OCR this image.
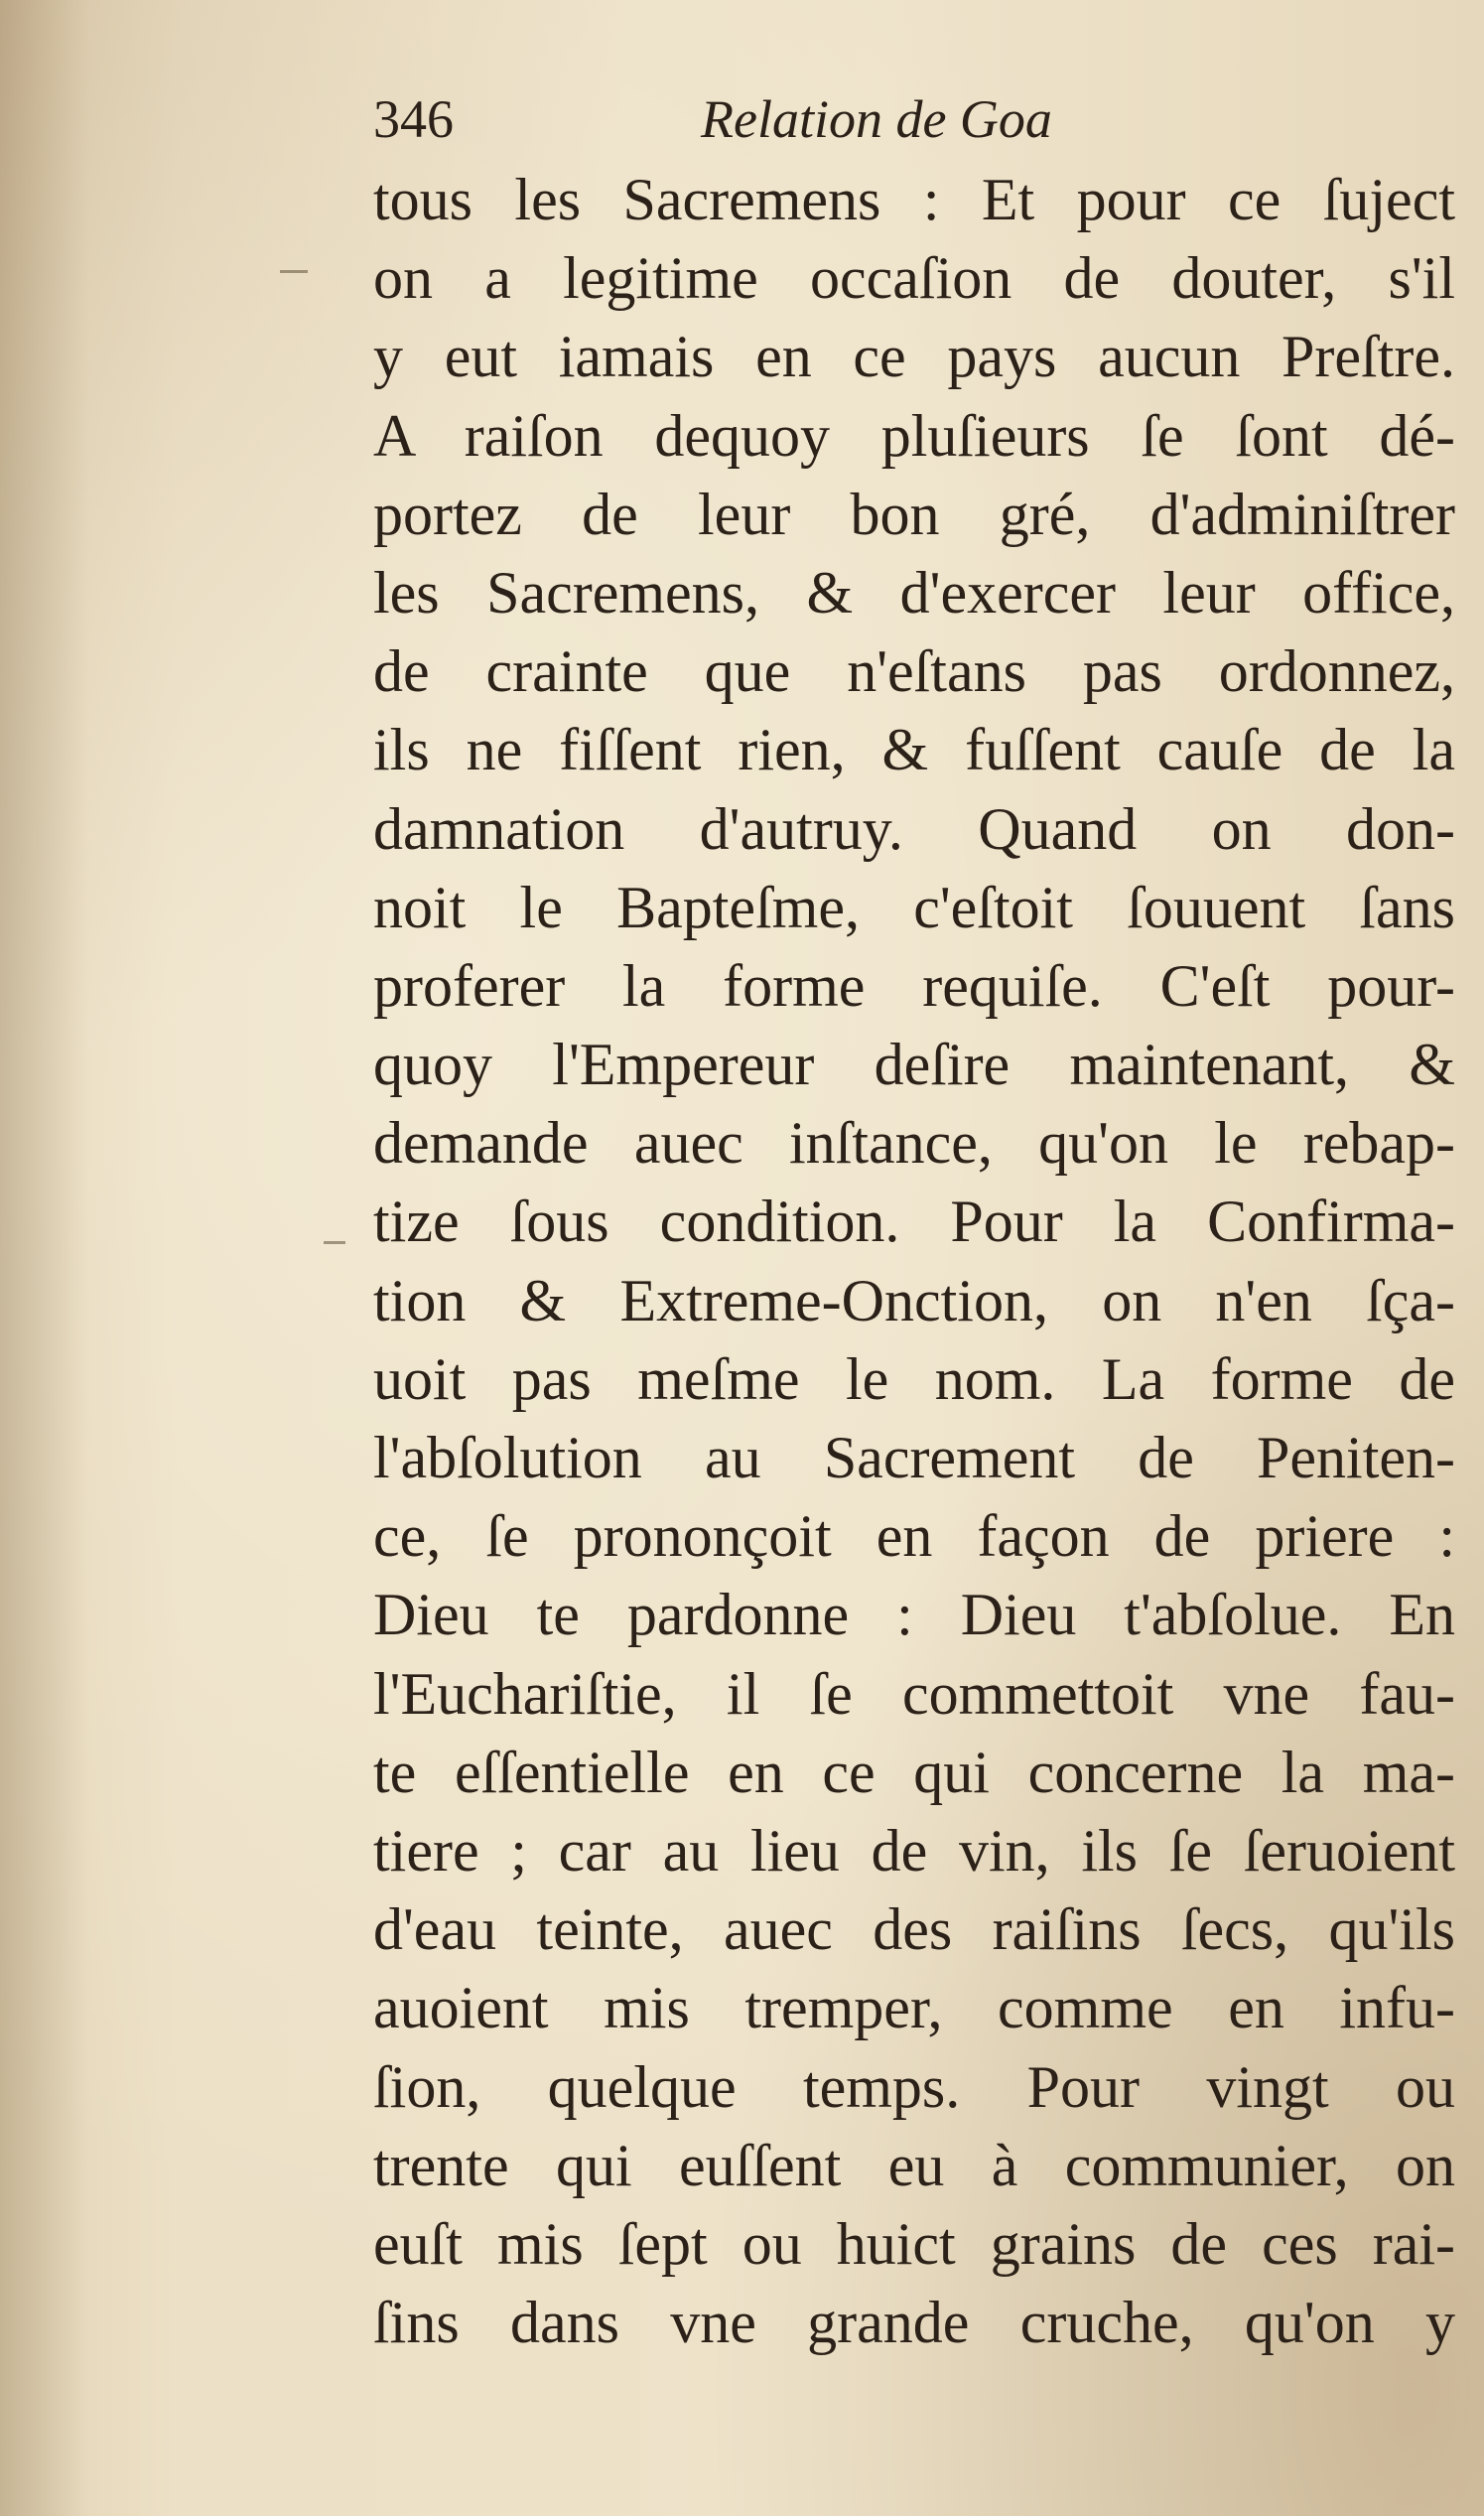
346	Relation de Goa
tous les Sacremens : Et pour ce ſuject
on a legitime occaſion de douter, s'il
y eut iamais en ce pays aucun Preſtre.
A raiſon dequoy pluſieurs ſe ſont dé-
portez de leur bon gré, d'adminiſtrer
les Sacremens, & d'exercer leur office,
de crainte que n'eſtans pas ordonnez,
ils ne fiſſent rien, & fuſſent cauſe de la
damnation d'autruy. Quand on don-
noit le Bapteſme, c'eſtoit ſouuent ſans
proferer la forme requiſe. C'eſt pour-
quoy l'Empereur deſire maintenant, &
demande auec inſtance, qu'on le rebap-
tize ſous condition. Pour la Confirma-
tion & Extreme-Onction, on n'en ſça-
uoit pas meſme le nom. La forme de
l'abſolution au Sacrement de Peniten-
ce, ſe prononçoit en façon de priere :
Dieu te pardonne : Dieu t'abſolue. En
l'Euchariſtie, il ſe commettoit vne fau-
te eſſentielle en ce qui concerne la ma-
tiere ; car au lieu de vin, ils ſe ſeruoient
d'eau teinte, auec des raiſins ſecs, qu'ils
auoient mis tremper, comme en infu-
ſion, quelque temps. Pour vingt ou
trente qui euſſent eu à communier, on
euſt mis ſept ou huict grains de ces rai-
ſins dans vne grande cruche, qu'on y
